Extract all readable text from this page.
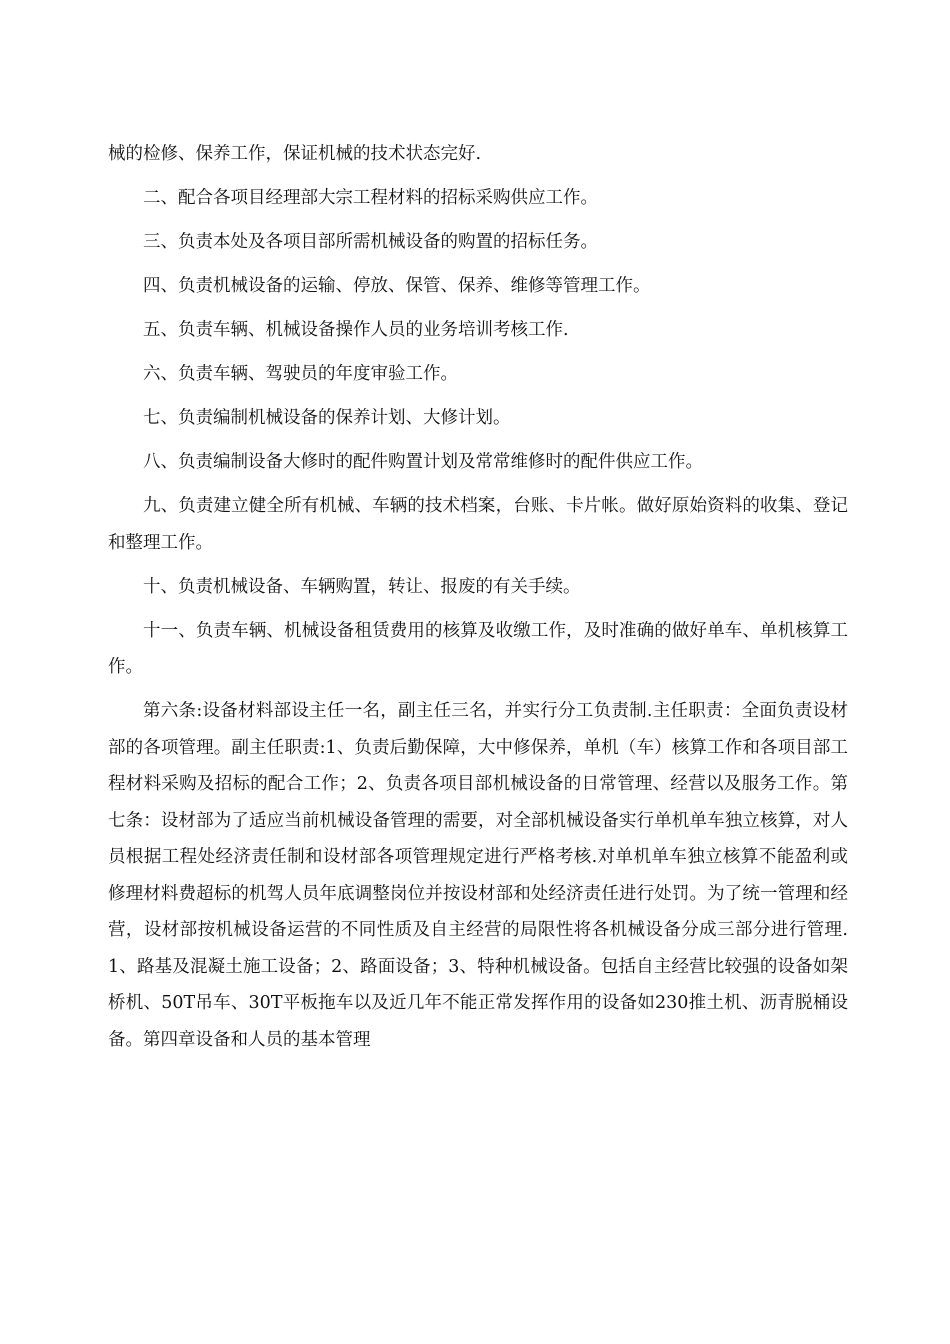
械的检修、保养工作，保证机械的技术状态完好.

二、配合各项目经理部大宗工程材料的招标采购供应工作。

三、负责本处及各项目部所需机械设备的购置的招标任务。

四、负责机械设备的运输、停放、保管、保养、维修等管理工作。

五、负责车辆、机械设备操作人员的业务培训考核工作.

六、负责车辆、驾驶员的年度审验工作。

七、负责编制机械设备的保养计划、大修计划。

八、负责编制设备大修时的配件购置计划及常常维修时的配件供应工作。

九、负责建立健全所有机械、车辆的技术档案，台账、卡片帐。做好原始资料的收集、登记和整理工作。

十、负责机械设备、车辆购置，转让、报废的有关手续。

十一、负责车辆、机械设备租赁费用的核算及收缴工作，及时准确的做好单车、单机核算工作。

第六条:设备材料部设主任一名，副主任三名，并实行分工负责制.主任职责：全面负责设材部的各项管理。副主任职责:1、负责后勤保障，大中修保养，单机（车）核算工作和各项目部工程材料采购及招标的配合工作；2、负责各项目部机械设备的日常管理、经营以及服务工作。第七条：设材部为了适应当前机械设备管理的需要，对全部机械设备实行单机单车独立核算，对人员根据工程处经济责任制和设材部各项管理规定进行严格考核.对单机单车独立核算不能盈利或修理材料费超标的机驾人员年底调整岗位并按设材部和处经济责任进行处罚。为了统一管理和经营，设材部按机械设备运营的不同性质及自主经营的局限性将各机械设备分成三部分进行管理.1、路基及混凝土施工设备；2、路面设备；3、特种机械设备。包括自主经营比较强的设备如架桥机、50T吊车、30T平板拖车以及近几年不能正常发挥作用的设备如230推土机、沥青脱桶设备。第四章设备和人员的基本管理
